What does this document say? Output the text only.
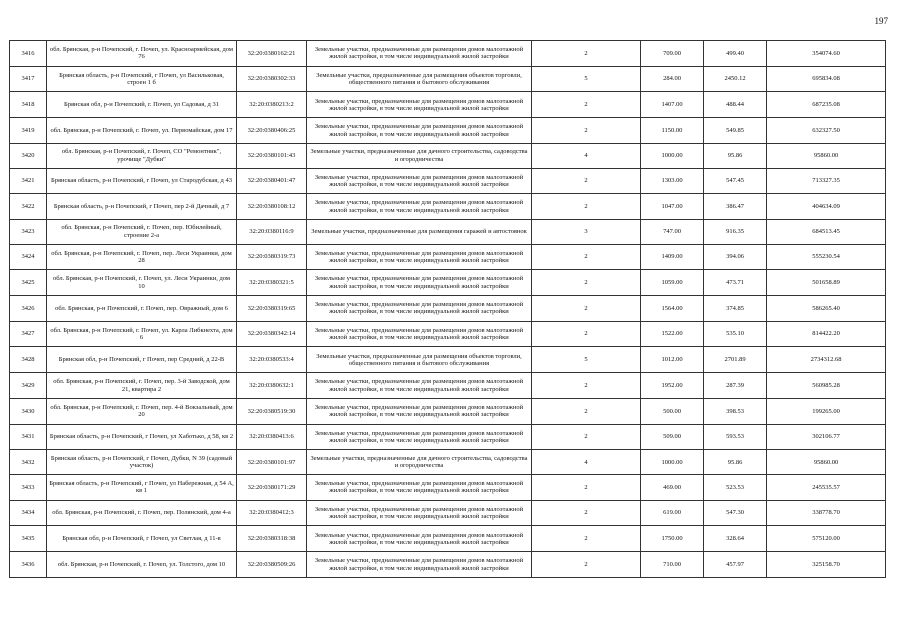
197
3416	обл. Брянская, р-н Почепский, г. Почеп, ул. Красноармейская, дом 76	32:20:0380162:21	Земельные участки, предназначенные для размещения домов малоэтажной жилой застройки, в том числе индивидуальной жилой застройки	2	709.00	499.40	354074.60
3417	Брянская область, р-н Почепский, г Почеп, ул Васильковая, строен 1 б	32:20:0380302:33	Земельные участки, предназначенные для размещения объектов торговли, общественного питания и бытового обслуживания	5	284.00	2450.12	695834.08
3418	Брянская обл, р-н Почепский, г. Почеп, ул Садовая, д 31	32:20:0380213:2	Земельные участки, предназначенные для размещения домов малоэтажной жилой застройки, в том числе индивидуальной жилой застройки	2	1407.00	488.44	687235.08
3419	обл. Брянская, р-н Почепский, г. Почеп, ул. Первомайская, дом 17	32:20:0380406:25	Земельные участки, предназначенные для размещения домов малоэтажной жилой застройки, в том числе индивидуальной жилой застройки	2	1150.00	549.85	632327.50
3420	обл. Брянская, р-н Почепский, г. Почеп, СО "Ремонтник", урочище "Дубки"	32:20:0380101:43	Земельные участки, предназначенные для дачного строительства, садоводства и огородничества	4	1000.00	95.86	95860.00
3421	Брянская область, р-н Почепский, г Почеп, ул Стародубская, д 43	32:20:0380401:47	Земельные участки, предназначенные для размещения домов малоэтажной жилой застройки, в том числе индивидуальной жилой застройки	2	1303.00	547.45	713327.35
3422	Брянская область, р-н Почепский, г Почеп, пер 2-й Дачный, д 7	32:20:0380108:12	Земельные участки, предназначенные для размещения домов малоэтажной жилой застройки, в том числе индивидуальной жилой застройки	2	1047.00	386.47	404634.09
3423	обл. Брянская, р-н Почепский, г. Почеп, пер. Юбилейный, строение 2-а	32:20:0380116:9	Земельные участки, предназначенные для размещения гаражей и автостоянок	3	747.00	916.35	684513.45
3424	обл. Брянская, р-н Почепский, г. Почеп, пер. Леси Украинки, дом 28	32:20:0380319:73	Земельные участки, предназначенные для размещения домов малоэтажной жилой застройки, в том числе индивидуальной жилой застройки	2	1409.00	394.06	555230.54
3425	обл. Брянская, р-н Почепский, г. Почеп, ул. Леси Украинки, дом 10	32:20:0380321:5	Земельные участки, предназначенные для размещения домов малоэтажной жилой застройки, в том числе индивидуальной жилой застройки	2	1059.00	473.71	501658.89
3426	обл. Брянская, р-н Почепский, г. Почеп, пер. Овражный, дом 6	32:20:0380319:65	Земельные участки, предназначенные для размещения домов малоэтажной жилой застройки, в том числе индивидуальной жилой застройки	2	1564.00	374.85	586265.40
3427	обл. Брянская, р-н Почепский, г. Почеп, ул. Карла Либкнехта, дом 6	32:20:0380342:14	Земельные участки, предназначенные для размещения домов малоэтажной жилой застройки, в том числе индивидуальной жилой застройки	2	1522.00	535.10	814422.20
3428	Брянская обл, р-н Почепский, г Почеп, пер Средний, д 22-В	32:20:0380533:4	Земельные участки, предназначенные для размещения объектов торговли, общественного питания и бытового обслуживания	5	1012.00	2701.89	2734312.68
3429	обл. Брянская, р-н Почепский, г. Почеп, пер. 3-й Заводской, дом 21, квартира 2	32:20:0380632:1	Земельные участки, предназначенные для размещения домов малоэтажной жилой застройки, в том числе индивидуальной жилой застройки	2	1952.00	287.39	560985.28
3430	обл. Брянская, р-н Почепский, г. Почеп, пер. 4-й Вокзальный, дом 20	32:20:0380519:30	Земельные участки, предназначенные для размещения домов малоэтажной жилой застройки, в том числе индивидуальной жилой застройки	2	500.00	398.53	199265.00
3431	Брянская область, р-н Почепский, г Почеп, ул Хаботько, д 58, кв 2	32:20:0380413:6	Земельные участки, предназначенные для размещения домов малоэтажной жилой застройки, в том числе индивидуальной жилой застройки	2	509.00	593.53	302106.77
3432	Брянская область, р-н Почепский, г Почеп, Дубки, N 39 (садовый участок)	32:20:0380101:97	Земельные участки, предназначенные для дачного строительства, садоводства и огородничества	4	1000.00	95.86	95860.00
3433	Брянская область, р-н Почепский, г Почеп, ул Набережная, д 54 А, кв 1	32:20:0380171:29	Земельные участки, предназначенные для размещения домов малоэтажной жилой застройки, в том числе индивидуальной жилой застройки	2	469.00	523.53	245535.57
3434	обл. Брянская, р-н Почепский, г. Почеп, пер. Полянский, дом 4-а	32:20:0380412:3	Земельные участки, предназначенные для размещения домов малоэтажной жилой застройки, в том числе индивидуальной жилой застройки	2	619.00	547.30	338778.70
3435	Брянская обл, р-н Почепский, г Почеп, ул Светлая, д 11-в	32:20:0380318:38	Земельные участки, предназначенные для размещения домов малоэтажной жилой застройки, в том числе индивидуальной жилой застройки	2	1750.00	328.64	575120.00
3436	обл. Брянская, р-н Почепский, г. Почеп, ул. Толстого, дом 10	32:20:0380509:26	Земельные участки, предназначенные для размещения домов малоэтажной жилой застройки, в том числе индивидуальной жилой застройки	2	710.00	457.97	325158.70
